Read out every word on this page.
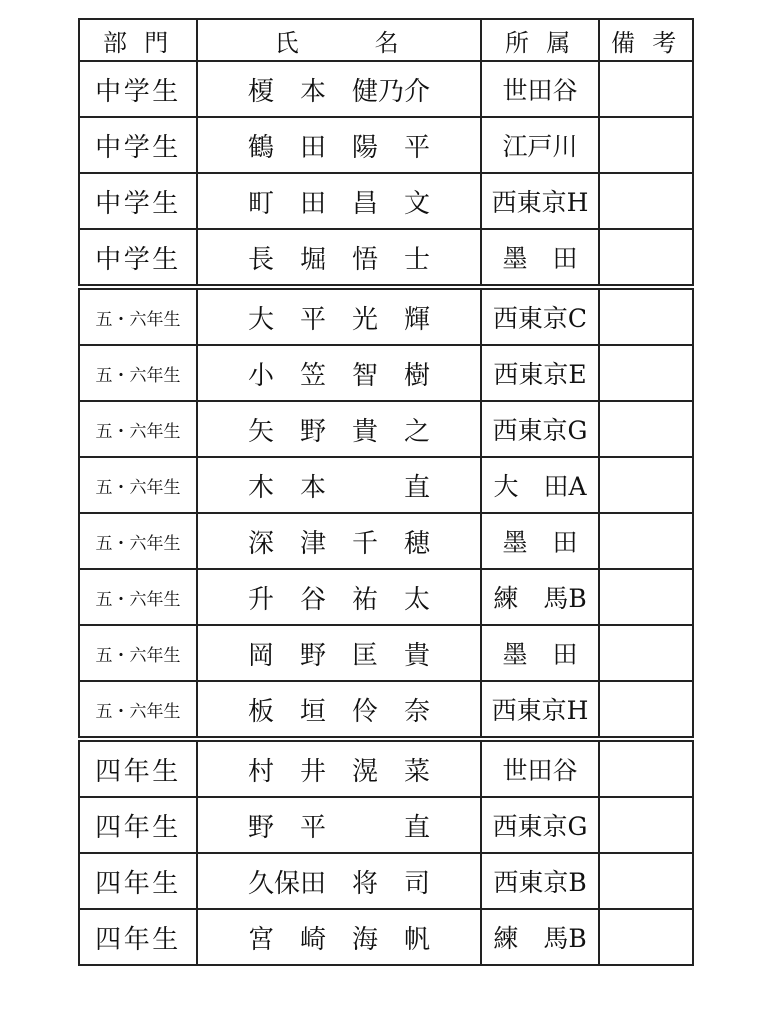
部 門	氏 名	所 属	備 考
中学生	榎　本　健乃介	世田谷	
中学生	鶴　田　陽　平	江戸川	
中学生	町　田　昌　文	西東京H	
中学生	長　堀　悟　士	墨　田	
五・六年生	大　平　光　輝	西東京C	
五・六年生	小　笠　智　樹	西東京E	
五・六年生	矢　野　貴　之	西東京G	
五・六年生	木　本　　　直	大　田A	
五・六年生	深　津　千　穂	墨　田	
五・六年生	升　谷　祐　太	練　馬B	
五・六年生	岡　野　匡　貴	墨　田	
五・六年生	板　垣　伶　奈	西東京H	
四年生	村　井　滉　菜	世田谷	
四年生	野　平　　　直	西東京G	
四年生	久保田　将　司	西東京B	
四年生	宮　崎　海　帆	練　馬B	
